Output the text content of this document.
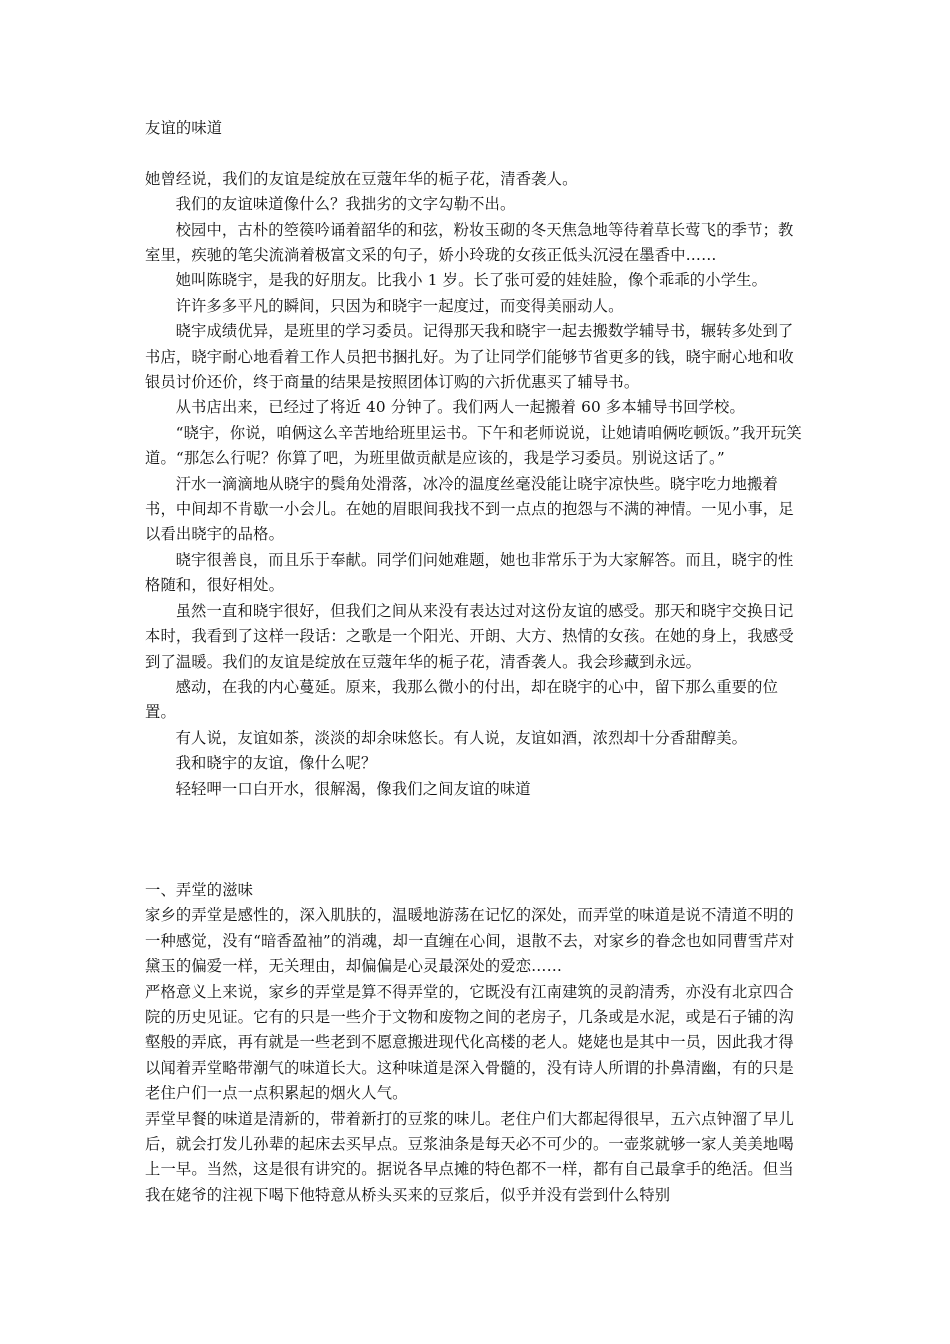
友谊的味道

她曾经说，我们的友谊是绽放在豆蔻年华的栀子花，清香袭人。

我们的友谊味道像什么？我拙劣的文字勾勒不出。

校园中，古朴的箜篌吟诵着韶华的和弦，粉妆玉砌的冬天焦急地等待着草长莺飞的季节；教室里，疾驰的笔尖流淌着极富文采的句子，娇小玲珑的女孩正低头沉浸在墨香中……

她叫陈晓宇，是我的好朋友。比我小 1 岁。长了张可爱的娃娃脸，像个乖乖的小学生。

许许多多平凡的瞬间，只因为和晓宇一起度过，而变得美丽动人。

晓宇成绩优异，是班里的学习委员。记得那天我和晓宇一起去搬数学辅导书，辗转多处到了书店，晓宇耐心地看着工作人员把书捆扎好。为了让同学们能够节省更多的钱，晓宇耐心地和收银员讨价还价，终于商量的结果是按照团体订购的六折优惠买了辅导书。

从书店出来，已经过了将近 40 分钟了。我们两人一起搬着 60 多本辅导书回学校。

“晓宇，你说，咱俩这么辛苦地给班里运书。下午和老师说说，让她请咱俩吃顿饭。”我开玩笑道。“那怎么行呢？你算了吧，为班里做贡献是应该的，我是学习委员。别说这话了。”

汗水一滴滴地从晓宇的鬓角处滑落，冰冷的温度丝毫没能让晓宇凉快些。晓宇吃力地搬着书，中间却不肯歇一小会儿。在她的眉眼间我找不到一点点的抱怨与不满的神情。一见小事，足以看出晓宇的品格。

晓宇很善良，而且乐于奉献。同学们问她难题，她也非常乐于为大家解答。而且，晓宇的性格随和，很好相处。

虽然一直和晓宇很好，但我们之间从来没有表达过对这份友谊的感受。那天和晓宇交换日记本时，我看到了这样一段话：之歌是一个阳光、开朗、大方、热情的女孩。在她的身上，我感受到了温暖。我们的友谊是绽放在豆蔻年华的栀子花，清香袭人。我会珍藏到永远。

感动，在我的内心蔓延。原来，我那么微小的付出，却在晓宇的心中，留下那么重要的位置。

有人说，友谊如茶，淡淡的却余味悠长。有人说，友谊如酒，浓烈却十分香甜醇美。

我和晓宇的友谊，像什么呢？

轻轻呷一口白开水，很解渴，像我们之间友谊的味道

一、弄堂的滋味

家乡的弄堂是感性的，深入肌肤的，温暖地游荡在记忆的深处，而弄堂的味道是说不清道不明的一种感觉，没有“暗香盈袖”的消魂，却一直缠在心间，退散不去，对家乡的眷念也如同曹雪芹对黛玉的偏爱一样，无关理由，却偏偏是心灵最深处的爱恋……

严格意义上来说，家乡的弄堂是算不得弄堂的，它既没有江南建筑的灵韵清秀，亦没有北京四合院的历史见证。它有的只是一些介于文物和废物之间的老房子，几条或是水泥，或是石子铺的沟壑般的弄底，再有就是一些老到不愿意搬进现代化高楼的老人。姥姥也是其中一员，因此我才得以闻着弄堂略带潮气的味道长大。这种味道是深入骨髓的，没有诗人所谓的扑鼻清幽，有的只是老住户们一点一点积累起的烟火人气。

弄堂早餐的味道是清新的，带着新打的豆浆的味儿。老住户们大都起得很早，五六点钟溜了早儿后，就会打发儿孙辈的起床去买早点。豆浆油条是每天必不可少的。一壶浆就够一家人美美地喝上一早。当然，这是很有讲究的。据说各早点摊的特色都不一样，都有自己最拿手的绝活。但当我在姥爷的注视下喝下他特意从桥头买来的豆浆后，似乎并没有尝到什么特别
